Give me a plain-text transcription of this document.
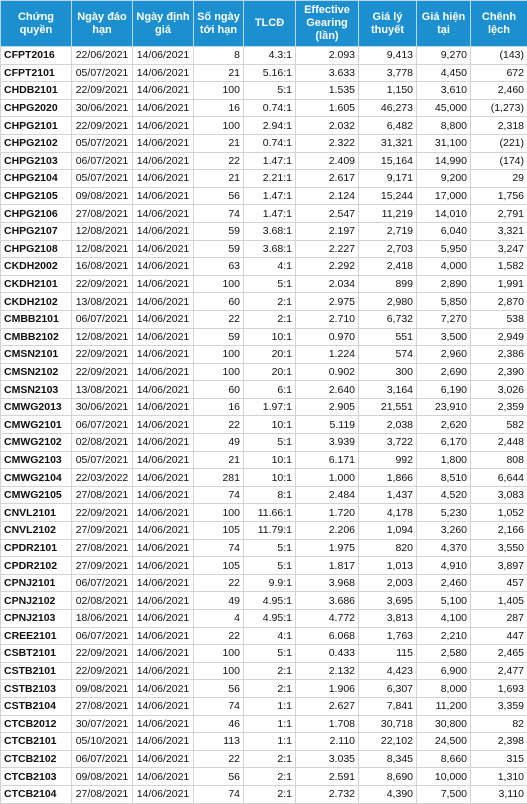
Chứng quyền	Ngày đáo hạn	Ngày định giá	Số ngày tới hạn	TLCĐ	Effective Gearing (lần)	Giá lý thuyết	Giá hiện tại	Chênh lệch
CFPT2016	22/06/2021	14/06/2021	8	4.3:1	2.093	9,413	9,270	(143)
CFPT2101	05/07/2021	14/06/2021	21	5.16:1	3.633	3,778	4,450	672
CHDB2101	22/09/2021	14/06/2021	100	5:1	1.535	1,150	3,610	2,460
CHPG2020	30/06/2021	14/06/2021	16	0.74:1	1.605	46,273	45,000	(1,273)
CHPG2101	22/09/2021	14/06/2021	100	2.94:1	2.032	6,482	8,800	2,318
CHPG2102	05/07/2021	14/06/2021	21	0.74:1	2.322	31,321	31,100	(221)
CHPG2103	06/07/2021	14/06/2021	22	1.47:1	2.409	15,164	14,990	(174)
CHPG2104	05/07/2021	14/06/2021	21	2.21:1	2.617	9,171	9,200	29
CHPG2105	09/08/2021	14/06/2021	56	1.47:1	2.124	15,244	17,000	1,756
CHPG2106	27/08/2021	14/06/2021	74	1.47:1	2.547	11,219	14,010	2,791
CHPG2107	12/08/2021	14/06/2021	59	3.68:1	2.197	2,719	6,040	3,321
CHPG2108	12/08/2021	14/06/2021	59	3.68:1	2.227	2,703	5,950	3,247
CKDH2002	16/08/2021	14/06/2021	63	4:1	2.292	2,418	4,000	1,582
CKDH2101	22/09/2021	14/06/2021	100	5:1	2.034	899	2,890	1,991
CKDH2102	13/08/2021	14/06/2021	60	2:1	2.975	2,980	5,850	2,870
CMBB2101	06/07/2021	14/06/2021	22	2:1	2.710	6,732	7,270	538
CMBB2102	12/08/2021	14/06/2021	59	10:1	0.970	551	3,500	2,949
CMSN2101	22/09/2021	14/06/2021	100	20:1	1.224	574	2,960	2,386
CMSN2102	22/09/2021	14/06/2021	100	20:1	0.902	300	2,690	2,390
CMSN2103	13/08/2021	14/06/2021	60	6:1	2.640	3,164	6,190	3,026
CMWG2013	30/06/2021	14/06/2021	16	1.97:1	2.905	21,551	23,910	2,359
CMWG2101	06/07/2021	14/06/2021	22	10:1	5.119	2,038	2,620	582
CMWG2102	02/08/2021	14/06/2021	49	5:1	3.939	3,722	6,170	2,448
CMWG2103	05/07/2021	14/06/2021	21	10:1	6.171	992	1,800	808
CMWG2104	22/03/2022	14/06/2021	281	10:1	1.000	1,866	8,510	6,644
CMWG2105	27/08/2021	14/06/2021	74	8:1	2.484	1,437	4,520	3,083
CNVL2101	22/09/2021	14/06/2021	100	11.66:1	1.720	4,178	5,230	1,052
CNVL2102	27/09/2021	14/06/2021	105	11.79:1	2.206	1,094	3,260	2,166
CPDR2101	27/08/2021	14/06/2021	74	5:1	1.975	820	4,370	3,550
CPDR2102	27/09/2021	14/06/2021	105	5:1	1.817	1,013	4,910	3,897
CPNJ2101	06/07/2021	14/06/2021	22	9.9:1	3.968	2,003	2,460	457
CPNJ2102	02/08/2021	14/06/2021	49	4.95:1	3.686	3,695	5,100	1,405
CPNJ2103	18/06/2021	14/06/2021	4	4.95:1	4.772	3,813	4,100	287
CREE2101	06/07/2021	14/06/2021	22	4:1	6.068	1,763	2,210	447
CSBT2101	22/09/2021	14/06/2021	100	5:1	0.433	115	2,580	2,465
CSTB2101	22/09/2021	14/06/2021	100	2:1	2.132	4,423	6,900	2,477
CSTB2103	09/08/2021	14/06/2021	56	2:1	1.906	6,307	8,000	1,693
CSTB2104	27/08/2021	14/06/2021	74	1:1	2.627	7,841	11,200	3,359
CTCB2012	30/07/2021	14/06/2021	46	1:1	1.708	30,718	30,800	82
CTCB2101	05/10/2021	14/06/2021	113	1:1	2.110	22,102	24,500	2,398
CTCB2102	06/07/2021	14/06/2021	22	2:1	3.035	8,345	8,660	315
CTCB2103	09/08/2021	14/06/2021	56	2:1	2.591	8,690	10,000	1,310
CTCB2104	27/08/2021	14/06/2021	74	2:1	2.732	4,390	7,500	3,110
